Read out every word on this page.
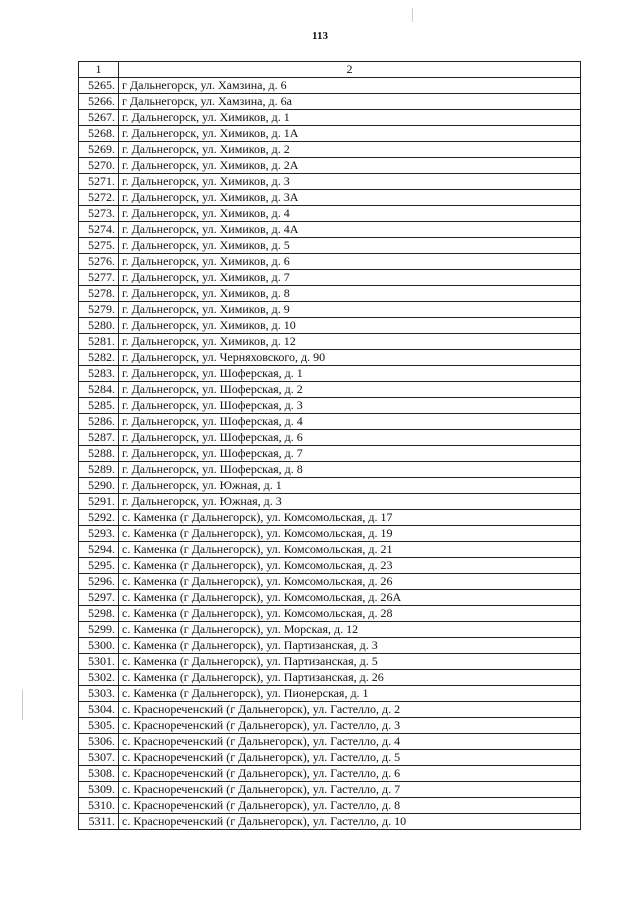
113
1	2
5265.	г Дальнегорск, ул. Хамзина, д. 6
5266.	г Дальнегорск, ул. Хамзина, д. 6а
5267.	г. Дальнегорск, ул. Химиков, д. 1
5268.	г. Дальнегорск, ул. Химиков, д. 1А
5269.	г. Дальнегорск, ул. Химиков, д. 2
5270.	г. Дальнегорск, ул. Химиков, д. 2А
5271.	г. Дальнегорск, ул. Химиков, д. 3
5272.	г. Дальнегорск, ул. Химиков, д. 3А
5273.	г. Дальнегорск, ул. Химиков, д. 4
5274.	г. Дальнегорск, ул. Химиков, д. 4А
5275.	г. Дальнегорск, ул. Химиков, д. 5
5276.	г. Дальнегорск, ул. Химиков, д. 6
5277.	г. Дальнегорск, ул. Химиков, д. 7
5278.	г. Дальнегорск, ул. Химиков, д. 8
5279.	г. Дальнегорск, ул. Химиков, д. 9
5280.	г. Дальнегорск, ул. Химиков, д. 10
5281.	г. Дальнегорск, ул. Химиков, д. 12
5282.	г. Дальнегорск, ул. Черняховского, д. 90
5283.	г. Дальнегорск, ул. Шоферская, д. 1
5284.	г. Дальнегорск, ул. Шоферская, д. 2
5285.	г. Дальнегорск, ул. Шоферская, д. 3
5286.	г. Дальнегорск, ул. Шоферская, д. 4
5287.	г. Дальнегорск, ул. Шоферская, д. 6
5288.	г. Дальнегорск, ул. Шоферская, д. 7
5289.	г. Дальнегорск, ул. Шоферская, д. 8
5290.	г. Дальнегорск, ул. Южная, д. 1
5291.	г. Дальнегорск, ул. Южная, д. 3
5292.	с. Каменка (г Дальнегорск), ул. Комсомольская, д. 17
5293.	с. Каменка (г Дальнегорск), ул. Комсомольская, д. 19
5294.	с. Каменка (г Дальнегорск), ул. Комсомольская, д. 21
5295.	с. Каменка (г Дальнегорск), ул. Комсомольская, д. 23
5296.	с. Каменка (г Дальнегорск), ул. Комсомольская, д. 26
5297.	с. Каменка (г Дальнегорск), ул. Комсомольская, д. 26А
5298.	с. Каменка (г Дальнегорск), ул. Комсомольская, д. 28
5299.	с. Каменка (г Дальнегорск), ул. Морская, д. 12
5300.	с. Каменка (г Дальнегорск), ул. Партизанская, д. 3
5301.	с. Каменка (г Дальнегорск), ул. Партизанская, д. 5
5302.	с. Каменка (г Дальнегорск), ул. Партизанская, д. 26
5303.	с. Каменка (г Дальнегорск), ул. Пионерская, д. 1
5304.	с. Краснореченский (г Дальнегорск), ул. Гастелло, д. 2
5305.	с. Краснореченский (г Дальнегорск), ул. Гастелло, д. 3
5306.	с. Краснореченский (г Дальнегорск), ул. Гастелло, д. 4
5307.	с. Краснореченский (г Дальнегорск), ул. Гастелло, д. 5
5308.	с. Краснореченский (г Дальнегорск), ул. Гастелло, д. 6
5309.	с. Краснореченский (г Дальнегорск), ул. Гастелло, д. 7
5310.	с. Краснореченский (г Дальнегорск), ул. Гастелло, д. 8
5311.	с. Краснореченский (г Дальнегорск), ул. Гастелло, д. 10
